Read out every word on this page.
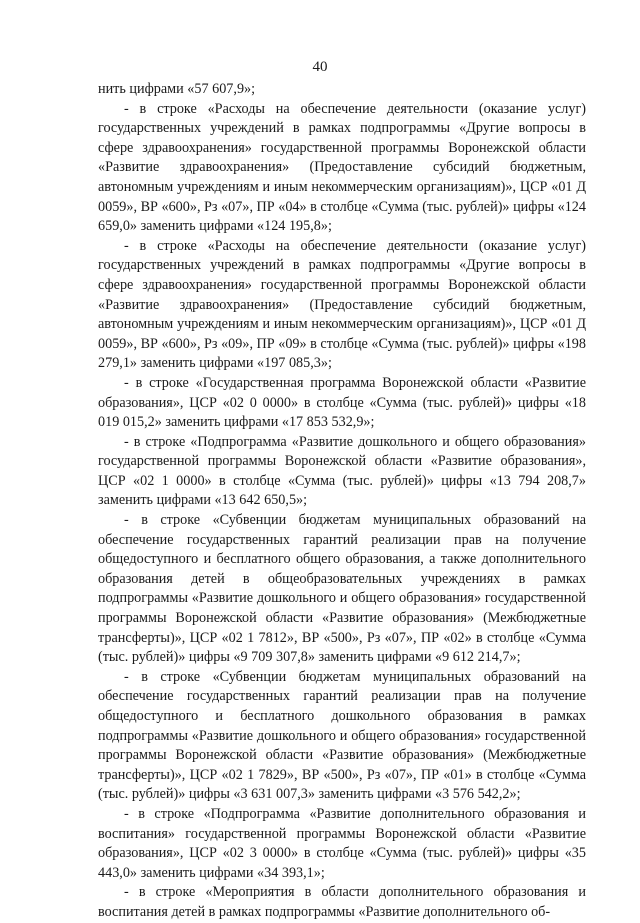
40

нить цифрами «57 607,9»;

- в строке «Расходы на обеспечение деятельности (оказание услуг) государственных учреждений в рамках подпрограммы «Другие вопросы в сфере здравоохранения» государственной программы Воронежской области «Развитие здравоохранения» (Предоставление субсидий бюджетным, автономным учреждениям и иным некоммерческим организациям)», ЦСР «01 Д 0059», ВР «600», Рз «07», ПР «04» в столбце «Сумма (тыс. рублей)» цифры «124 659,0» заменить цифрами «124 195,8»;

- в строке «Расходы на обеспечение деятельности (оказание услуг) государственных учреждений в рамках подпрограммы «Другие вопросы в сфере здравоохранения» государственной программы Воронежской области «Развитие здравоохранения» (Предоставление субсидий бюджетным, автономным учреждениям и иным некоммерческим организациям)», ЦСР «01 Д 0059», ВР «600», Рз «09», ПР «09» в столбце «Сумма (тыс. рублей)» цифры «198 279,1» заменить цифрами «197 085,3»;

- в строке «Государственная программа Воронежской области «Развитие образования», ЦСР «02 0 0000» в столбце «Сумма (тыс. рублей)» цифры «18 019 015,2» заменить цифрами «17 853 532,9»;

- в строке «Подпрограмма «Развитие дошкольного и общего образования» государственной программы Воронежской области «Развитие образования», ЦСР «02 1 0000» в столбце «Сумма (тыс. рублей)» цифры «13 794 208,7» заменить цифрами «13 642 650,5»;

- в строке «Субвенции бюджетам муниципальных образований на обеспечение государственных гарантий реализации прав на получение общедоступного и бесплатного общего образования, а также дополнительного образования детей в общеобразовательных учреждениях в рамках подпрограммы «Развитие дошкольного и общего образования» государственной программы Воронежской области «Развитие образования» (Межбюджетные трансферты)», ЦСР «02 1 7812», ВР «500», Рз «07», ПР «02» в столбце «Сумма (тыс. рублей)» цифры «9 709 307,8» заменить цифрами «9 612 214,7»;

- в строке «Субвенции бюджетам муниципальных образований на обеспечение государственных гарантий реализации прав на получение общедоступного и бесплатного дошкольного образования в рамках подпрограммы «Развитие дошкольного и общего образования» государственной программы Воронежской области «Развитие образования» (Межбюджетные трансферты)», ЦСР «02 1 7829», ВР «500», Рз «07», ПР «01» в столбце «Сумма (тыс. рублей)» цифры «3 631 007,3» заменить цифрами «3 576 542,2»;

- в строке «Подпрограмма «Развитие дополнительного образования и воспитания» государственной программы Воронежской области «Развитие образования», ЦСР «02 3 0000» в столбце «Сумма (тыс. рублей)» цифры «35 443,0» заменить цифрами «34 393,1»;

- в строке «Мероприятия в области дополнительного образования и воспитания детей в рамках подпрограммы «Развитие дополнительного об-
